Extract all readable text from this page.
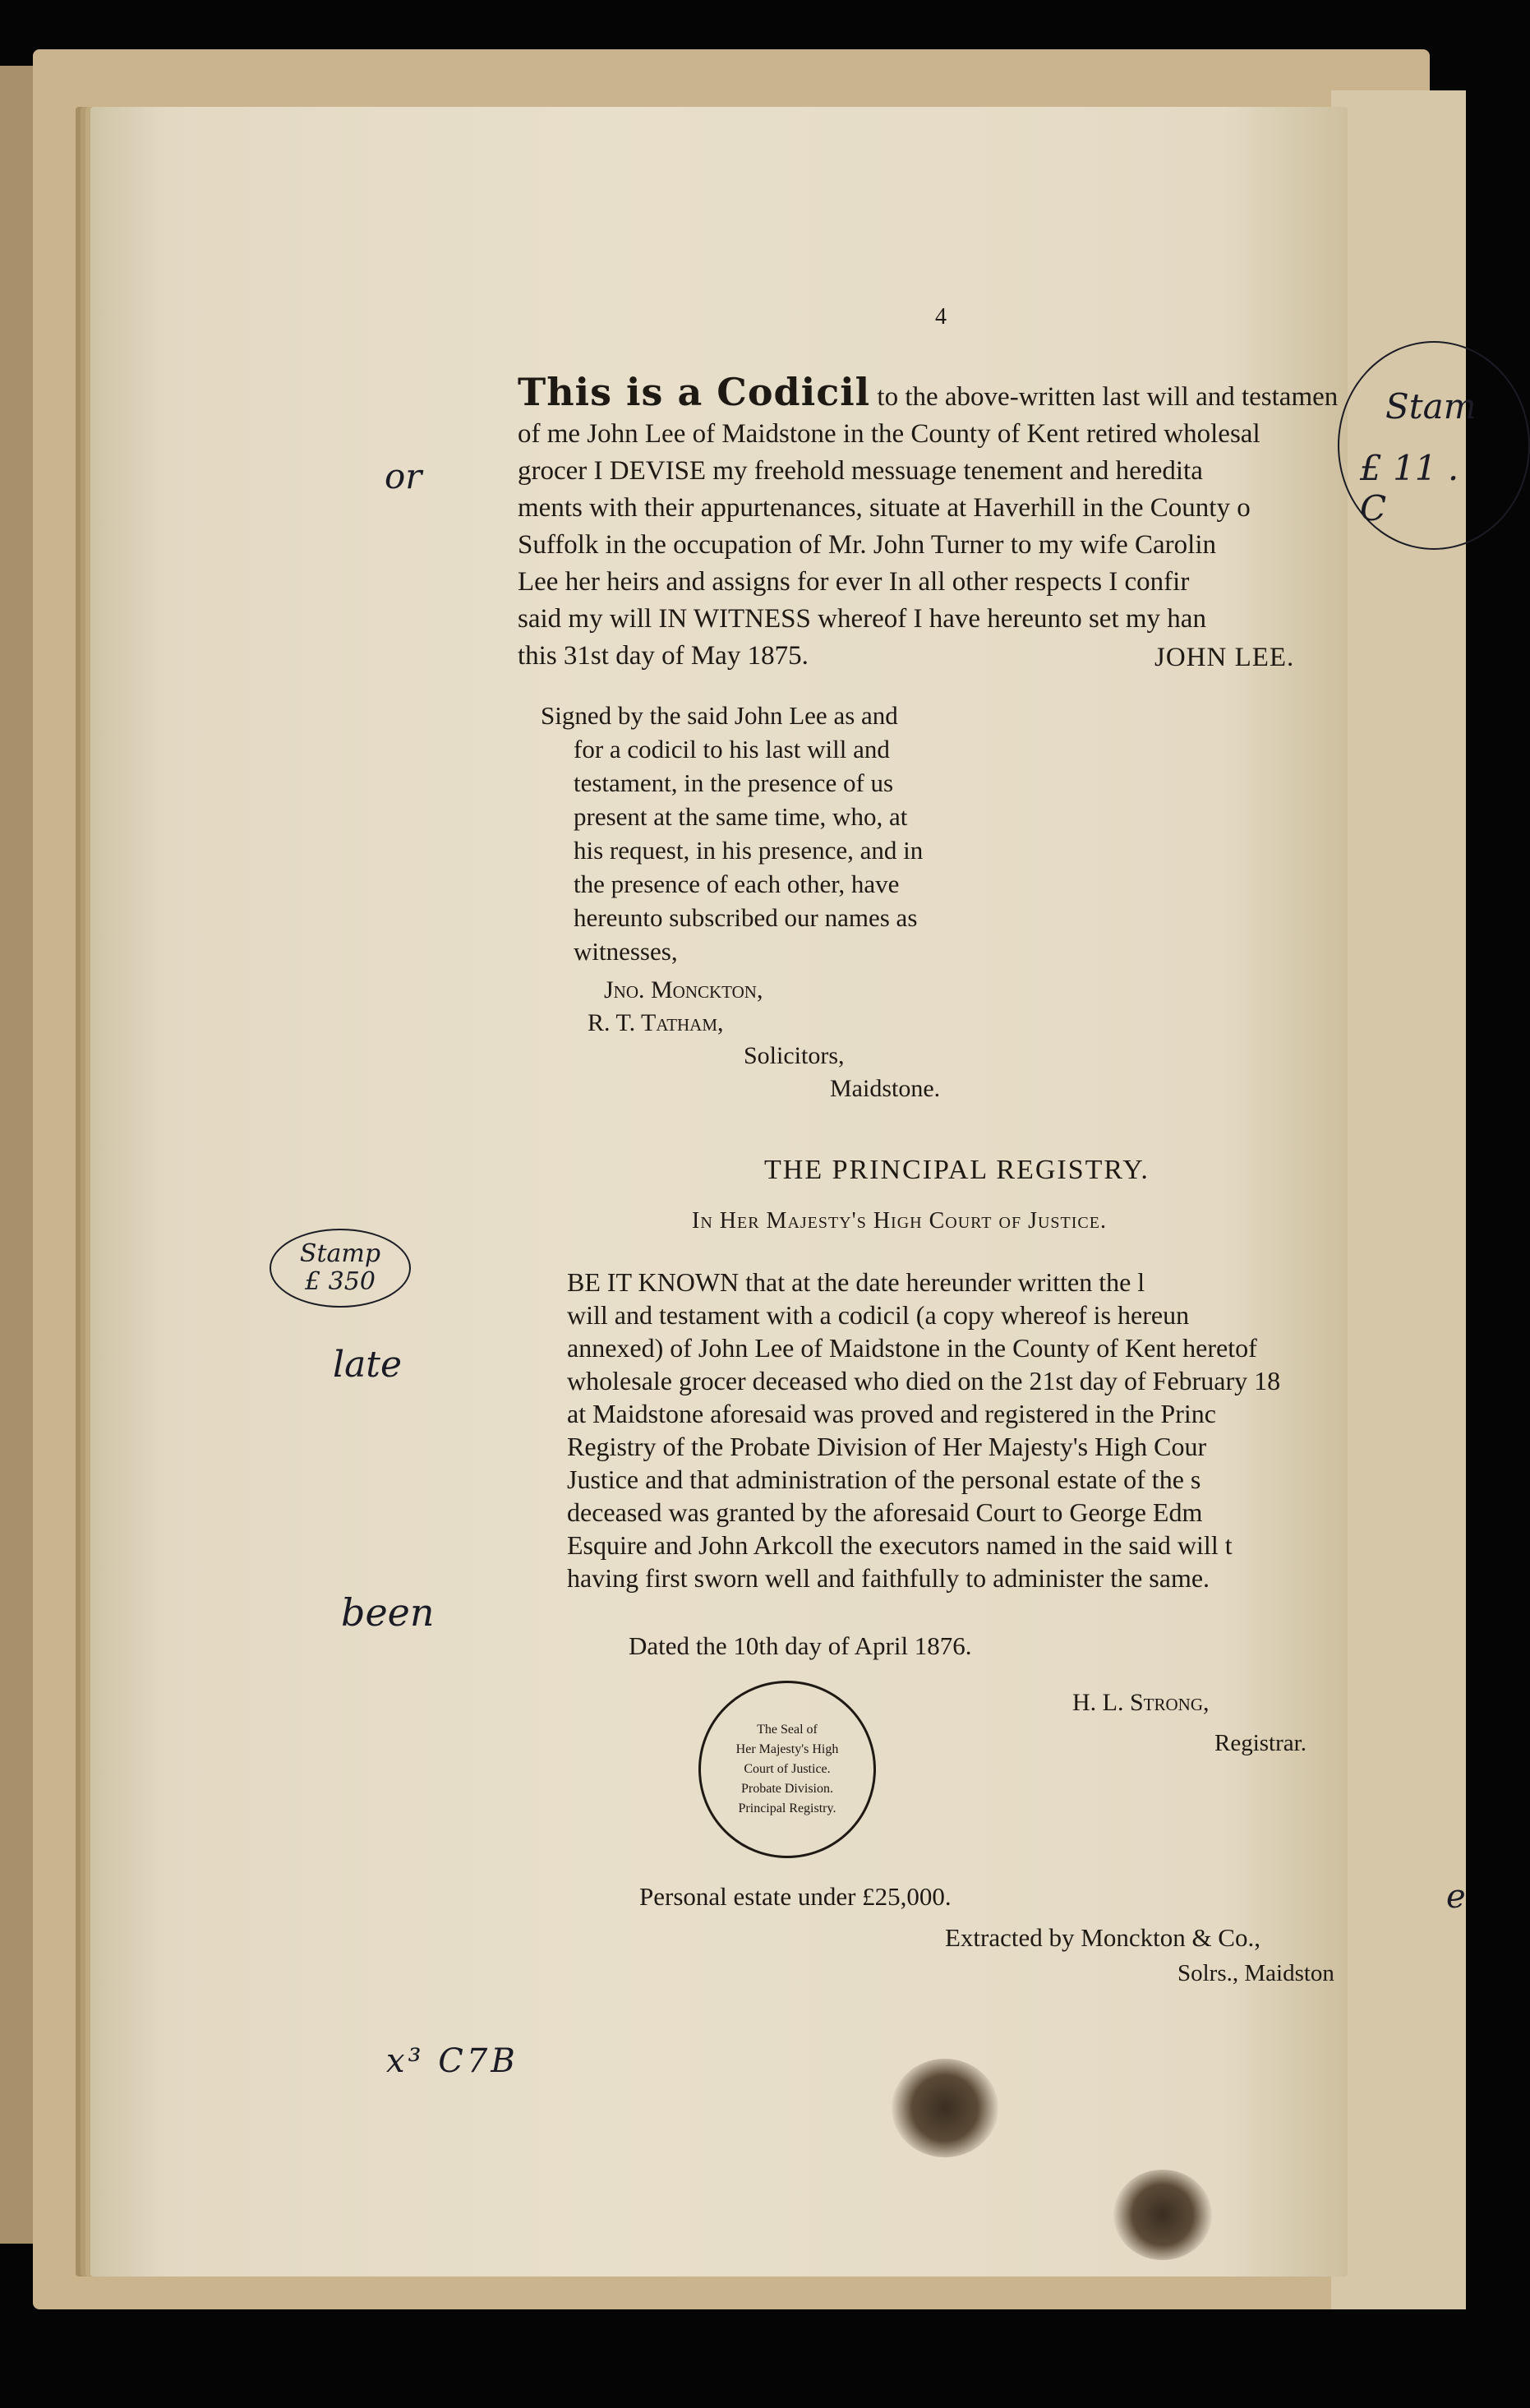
4
This is a Codicil to the above-written last will and testamen
of me John Lee of Maidstone in the County of Kent retired wholesal
grocer I DEVISE my freehold messuage tenement and heredita
ments with their appurtenances, situate at Haverhill in the County o
Suffolk in the occupation of Mr. John Turner to my wife Carolin
Lee her heirs and assigns for ever In all other respects I confir
said my will IN WITNESS whereof I have hereunto set my han
this 31st day of May 1875.	JOHN LEE.
Signed by the said John Lee as and
for a codicil to his last will and
testament, in the presence of us
present at the same time, who, at
his request, in his presence, and in
the presence of each other, have
hereunto subscribed our names as
witnesses,
Jno. Monckton,
R. T. Tatham,
Solicitors,
Maidstone.
THE PRINCIPAL REGISTRY.
In Her Majesty's High Court of Justice.
BE IT KNOWN that at the date hereunder written the l
will and testament with a codicil (a copy whereof is hereun
annexed) of John Lee of Maidstone in the County of Kent heretof
wholesale grocer deceased who died on the 21st day of February 18
at Maidstone aforesaid was proved and registered in the Princ
Registry of the Probate Division of Her Majesty's High Cour
Justice and that administration of the personal estate of the s
deceased was granted by the aforesaid Court to George Edm
Esquire and John Arkcoll the executors named in the said will t
having first sworn well and faithfully to administer the same.
Dated the 10th day of April 1876.
The Seal of
Her Majesty's High
Court of Justice.
Probate Division.
Principal Registry.
H. L. Strong,
Registrar.
Personal estate under £25,000.
Extracted by Monckton & Co.,
Solrs., Maidston
or
Stamp
£ 350
late
been
x³ C7B
Stam
£ 11 . C
e
